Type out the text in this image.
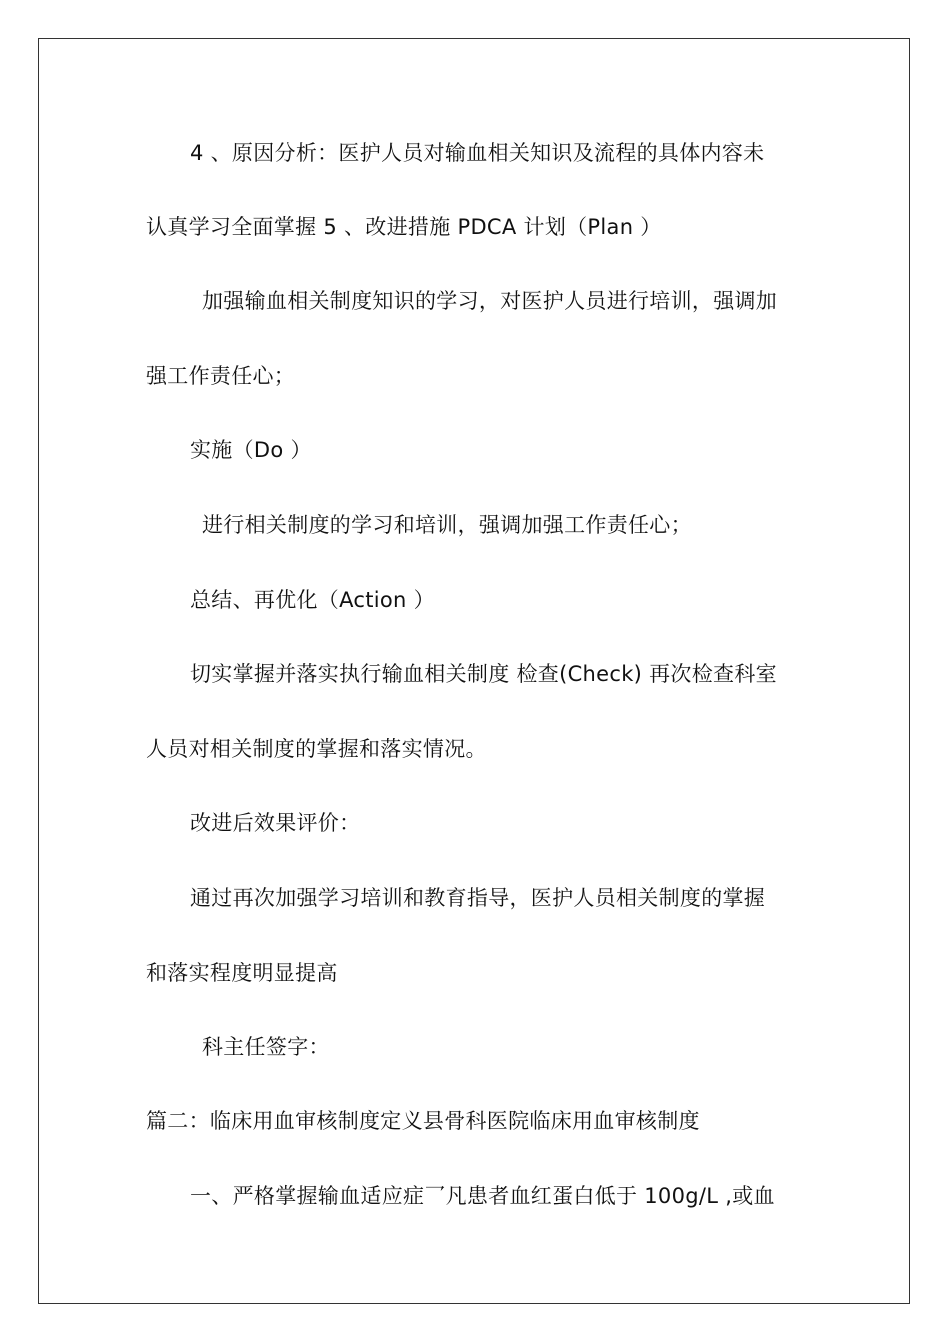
4 、原因分析：医护人员对输血相关知识及流程的具体内容未
认真学习全面掌握 5 、改进措施 PDCA 计划（Plan ）
加强输血相关制度知识的学习，对医护人员进行培训，强调加
强工作责任心；
实施（Do ）
进行相关制度的学习和培训，强调加强工作责任心；
总结、再优化（Action ）
切实掌握并落实执行输血相关制度 检查(Check) 再次检查科室
人员对相关制度的掌握和落实情况。
改进后效果评价：
通过再次加强学习培训和教育指导，医护人员相关制度的掌握
和落实程度明显提高
科主任签字：
篇二：临床用血审核制度定义县骨科医院临床用血审核制度
一、严格掌握输血适应症乛凡患者血红蛋白低于 100g/L ,或血
